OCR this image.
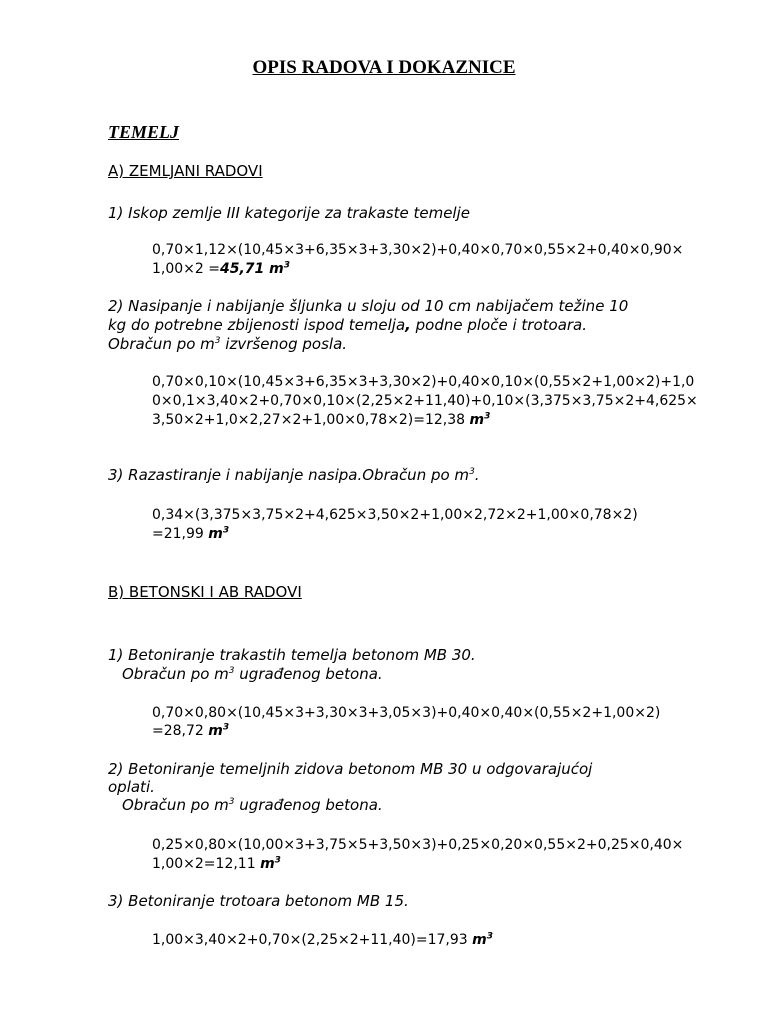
OPIS RADOVA I DOKAZNICE

TEMELJ

A) ZEMLJANI RADOVI

1) Iskop zemlje III kategorije za trakaste temelje

0,70×1,12×(10,45×3+6,35×3+3,30×2)+0,40×0,70×0,55×2+0,40×0,90×

1,00×2 =45,71 $m^3$

2) Nasipanje i nabijanje šljunka u sloju od 10 cm nabijačem težine 10

kg do potrebne zbijenosti ispod temelja, podne ploče i trotoara.

Obračun po $m^3$ izvršenog posla.

0,70×0,10×(10,45×3+6,35×3+3,30×2)+0,40×0,10×(0,55×2+1,00×2)+1,0

0×0,1×3,40×2+0,70×0,10×(2,25×2+11,40)+0,10×(3,375×3,75×2+4,625×

3,50×2+1,0×2,27×2+1,00×0,78×2)=12,38 $m^3$

3) Razastiranje i nabijanje nasipa.Obračun po $m^3$.

0,34×(3,375×3,75×2+4,625×3,50×2+1,00×2,72×2+1,00×0,78×2)

=21,99 $m^3$

B) BETONSKI I AB RADOVI

1) Betoniranje trakastih temelja betonom MB 30.

Obračun po $m^3$ ugrađenog betona.

0,70×0,80×(10,45×3+3,30×3+3,05×3)+0,40×0,40×(0,55×2+1,00×2)

=28,72 $m^3$

2) Betoniranje temeljnih zidova betonom MB 30 u odgovarajućoj

oplati.

Obračun po $m^3$ ugrađenog betona.

0,25×0,80×(10,00×3+3,75×5+3,50×3)+0,25×0,20×0,55×2+0,25×0,40×

1,00×2=12,11 $m^3$

3) Betoniranje trotoara betonom MB 15.

1,00×3,40×2+0,70×(2,25×2+11,40)=17,93 $m^3$
